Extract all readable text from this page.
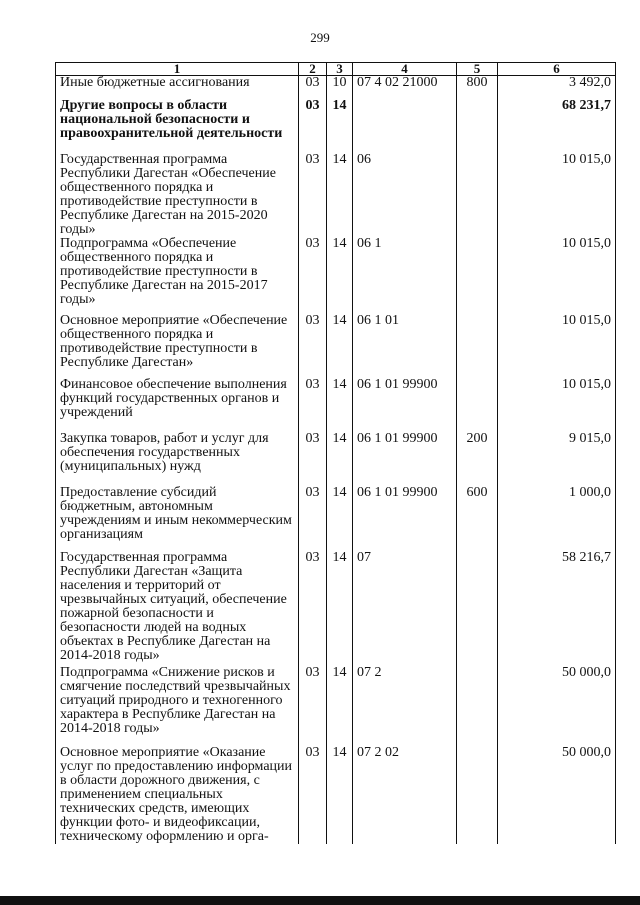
299
1	2	3	4	5	6
Иные бюджетные ассигнования	03	10	07 4 02 21000	800	3 492,0
Другие вопросы в области национальной безопасности и правоохранительной деятельности	03	14			68 231,7
Государственная программа Республики Дагестан «Обеспечение общественного порядка и противодействие преступности в Республике Дагестан на 2015-2020 годы»	03	14	06		10 015,0
Подпрограмма «Обеспечение общественного порядка и противодействие преступности в Республике Дагестан на 2015-2017 годы»	03	14	06 1		10 015,0
Основное мероприятие «Обеспечение общественного порядка и противодействие преступности в Республике Дагестан»	03	14	06 1 01		10 015,0
Финансовое обеспечение выполнения функций государственных органов и учреждений	03	14	06 1 01 99900		10 015,0
Закупка товаров, работ и услуг для обеспечения государственных (муниципальных) нужд	03	14	06 1 01 99900	200	9 015,0
Предоставление субсидий бюджетным, автономным учреждениям и иным некоммерческим организациям	03	14	06 1 01 99900	600	1 000,0
Государственная программа Республики Дагестан «Защита населения и территорий от чрезвычайных ситуаций, обеспечение пожарной безопасности и безопасности людей на водных объектах в Республике Дагестан на 2014-2018 годы»	03	14	07		58 216,7
Подпрограмма «Снижение рисков и смягчение последствий чрезвычайных ситуаций природного и техногенного характера в Республике Дагестан на 2014-2018 годы»	03	14	07 2		50 000,0
Основное мероприятие «Оказание услуг по предоставлению информации в области дорожного движения, с применением специальных технических средств, имеющих функции фото- и видеофиксации, техническому оформлению и орга-	03	14	07 2 02		50 000,0
